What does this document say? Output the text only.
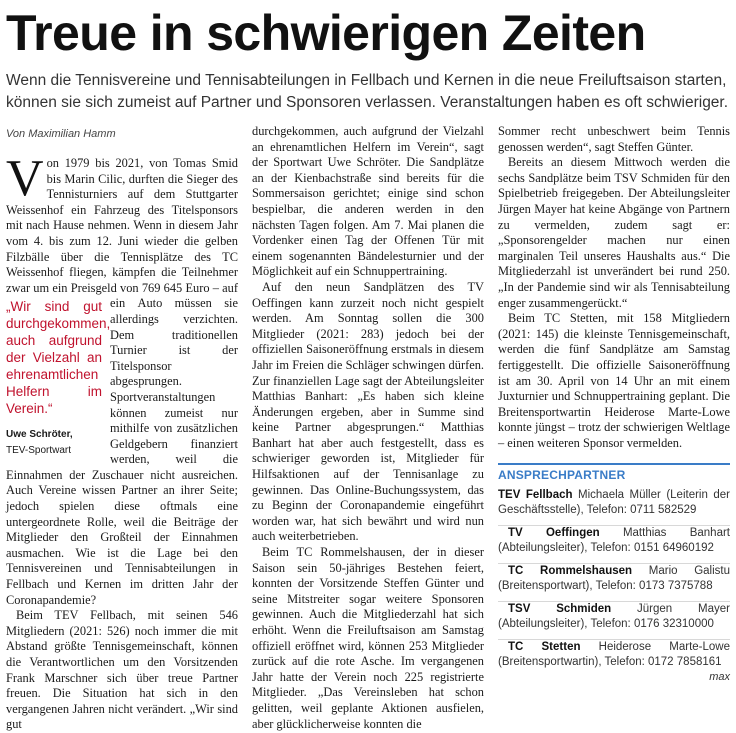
Treue in schwierigen Zeiten

Wenn die Tennisvereine und Tennisabteilungen in Fellbach und Kernen in die neue Freiluftsaison starten, können sie sich zumeist auf Partner und Sponsoren verlassen. Veranstaltungen haben es oft schwieriger.

Von Maximilian Hamm

Von 1979 bis 2021, von Tomas Smid bis Marin Cilic, durften die Sieger des Tennisturniers auf dem Stuttgarter Weissenhof ein Fahrzeug des Titelsponsors mit nach Hause nehmen. Wenn in diesem Jahr vom 4. bis zum 12. Juni wieder die gelben Filzbälle über die Tennisplätze des TC Weissenhof fliegen, kämpfen die Teilnehmer zwar um ein Preisgeld von 769 645 Euro – auf ein
„Wir sind gut durchgekommen, auch aufgrund der Vielzahl an ehrenamtlichen Helfern im Verein.“
Uwe Schröter,
TEV-Sportwart
Auto müssen sie allerdings verzichten. Dem traditionellen Turnier ist der Titelsponsor abgesprungen. Sportveranstaltungen können zumeist nur mithilfe von zusätzlichen Geldgebern finanziert werden, weil die Einnahmen der Zuschauer nicht ausreichen. Auch Vereine wissen Partner an ihrer Seite; jedoch spielen diese oftmals eine untergeordnete Rolle, weil die Beiträge der Mitglieder den Großteil der Einnahmen ausmachen. Wie ist die Lage bei den Tennisvereinen und Tennisabteilungen in Fellbach und Kernen im dritten Jahr der Coronapandemie?

Beim TEV Fellbach, mit seinen 546 Mitgliedern (2021: 526) noch immer die mit Abstand größte Tennisgemeinschaft, können die Verantwortlichen um den Vorsitzenden Frank Marschner sich über treue Partner freuen. Die Situation hat sich in den vergangenen Jahren nicht verändert. „Wir sind gut

durchgekommen, auch aufgrund der Vielzahl an ehrenamtlichen Helfern im Verein“, sagt der Sportwart Uwe Schröter. Die Sandplätze an der Kienbachstraße sind bereits für die Sommersaison gerichtet; einige sind schon bespielbar, die anderen werden in den nächsten Tagen folgen. Am 7. Mai planen die Vordenker einen Tag der Offenen Tür mit einem sogenannten Bändelesturnier und der Möglichkeit auf ein Schnuppertraining.

Auf den neun Sandplätzen des TV Oeffingen kann zurzeit noch nicht gespielt werden. Am Sonntag sollen die 300 Mitglieder (2021: 283) jedoch bei der offiziellen Saisoneröffnung erstmals in diesem Jahr im Freien die Schläger schwingen dürfen. Zur finanziellen Lage sagt der Abteilungsleiter Matthias Banhart: „Es haben sich kleine Änderungen ergeben, aber in Summe sind keine Partner abgesprungen.“ Matthias Banhart hat aber auch festgestellt, dass es schwieriger geworden ist, Mitglieder für Hilfsaktionen auf der Tennisanlage zu gewinnen. Das Online-Buchungssystem, das zu Beginn der Coronapandemie eingeführt worden war, hat sich bewährt und wird nun auch weiterbetrieben.

Beim TC Rommelshausen, der in dieser Saison sein 50-jähriges Bestehen feiert, konnten der Vorsitzende Steffen Günter und seine Mitstreiter sogar weitere Sponsoren gewinnen. Auch die Mitgliederzahl hat sich erhöht. Wenn die Freiluftsaison am Samstag offiziell eröffnet wird, können 253 Mitglieder zurück auf die rote Asche. Im vergangenen Jahr hatte der Verein noch 225 registrierte Mitglieder. „Das Vereinsleben hat schon gelitten, weil geplante Aktionen ausfielen, aber glücklicherweise konnten die

Sommer recht unbeschwert beim Tennis genossen werden“, sagt Steffen Günter.

Bereits an diesem Mittwoch werden die sechs Sandplätze beim TSV Schmiden für den Spielbetrieb freigegeben. Der Abteilungsleiter Jürgen Mayer hat keine Abgänge von Partnern zu vermelden, zudem sagt er: „Sponsorengelder machen nur einen marginalen Teil unseres Haushalts aus.“ Die Mitgliederzahl ist unverändert bei rund 250. „In der Pandemie sind wir als Tennisabteilung enger zusammengerückt.“

Beim TC Stetten, mit 158 Mitgliedern (2021: 145) die kleinste Tennisgemeinschaft, werden die fünf Sandplätze am Samstag fertiggestellt. Die offizielle Saisoneröffnung ist am 30. April von 14 Uhr an mit einem Juxturnier und Schnuppertraining geplant. Die Breitensportwartin Heiderose Marte-Lowe konnte jüngst – trotz der schwierigen Weltlage – einen weiteren Sponsor vermelden.

ANSPRECHPARTNER

TEV Fellbach Michaela Müller (Leiterin der Geschäftsstelle), Telefon: 0711 582529

TV Oeffingen Matthias Banhart (Abteilungsleiter), Telefon: 0151 64960192

TC Rommelshausen Mario Galistu (Breitensportwart), Telefon: 0173 7375788

TSV Schmiden Jürgen Mayer (Abteilungsleiter), Telefon: 0176 32310000

TC Stetten Heiderose Marte-Lowe (Breitensportwartin), Telefon: 0172 7858161
max
